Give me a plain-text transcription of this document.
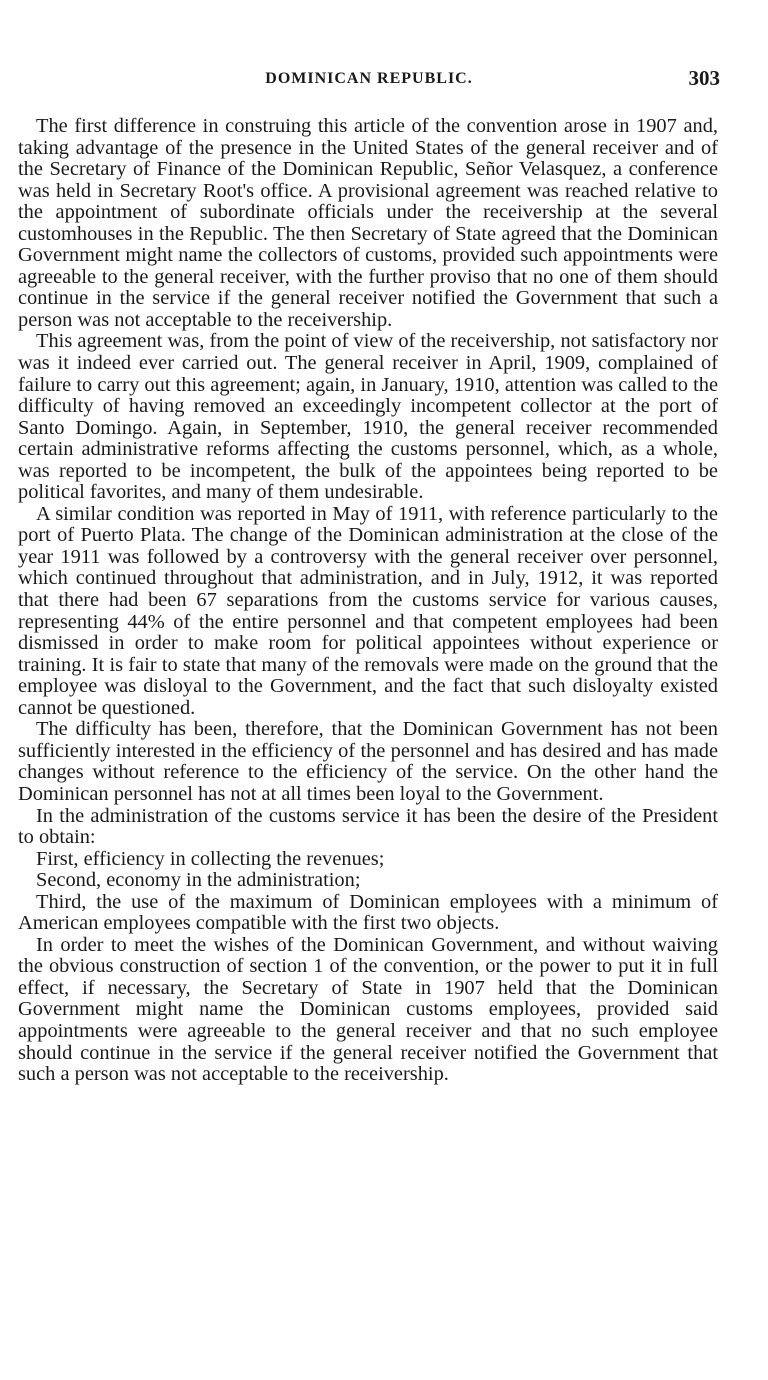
DOMINICAN REPUBLIC.	303

The first difference in construing this article of the convention arose in 1907 and, taking advantage of the presence in the United States of the general receiver and of the Secretary of Finance of the Dominican Republic, Señor Velasquez, a conference was held in Secretary Root's office. A provisional agreement was reached relative to the appointment of subordinate officials under the receivership at the several customhouses in the Republic. The then Secretary of State agreed that the Dominican Government might name the collectors of customs, provided such appointments were agreeable to the general receiver, with the further proviso that no one of them should continue in the service if the general receiver notified the Government that such a person was not acceptable to the receivership.

This agreement was, from the point of view of the receivership, not satisfactory nor was it indeed ever carried out. The general receiver in April, 1909, complained of failure to carry out this agreement; again, in January, 1910, attention was called to the difficulty of having removed an exceedingly incompetent collector at the port of Santo Domingo. Again, in September, 1910, the general receiver recommended certain administrative reforms affecting the customs personnel, which, as a whole, was reported to be incompetent, the bulk of the appointees being reported to be political favorites, and many of them undesirable.

A similar condition was reported in May of 1911, with reference particularly to the port of Puerto Plata. The change of the Dominican administration at the close of the year 1911 was followed by a controversy with the general receiver over personnel, which continued throughout that administration, and in July, 1912, it was reported that there had been 67 separations from the customs service for various causes, representing 44% of the entire personnel and that competent employees had been dismissed in order to make room for political appointees without experience or training. It is fair to state that many of the removals were made on the ground that the employee was disloyal to the Government, and the fact that such disloyalty existed cannot be questioned.

The difficulty has been, therefore, that the Dominican Government has not been sufficiently interested in the efficiency of the personnel and has desired and has made changes without reference to the efficiency of the service. On the other hand the Dominican personnel has not at all times been loyal to the Government.

In the administration of the customs service it has been the desire of the President to obtain:

First, efficiency in collecting the revenues;

Second, economy in the administration;

Third, the use of the maximum of Dominican employees with a minimum of American employees compatible with the first two objects.

In order to meet the wishes of the Dominican Government, and without waiving the obvious construction of section 1 of the convention, or the power to put it in full effect, if necessary, the Secretary of State in 1907 held that the Dominican Government might name the Dominican customs employees, provided said appointments were agreeable to the general receiver and that no such employee should continue in the service if the general receiver notified the Government that such a person was not acceptable to the receivership.
